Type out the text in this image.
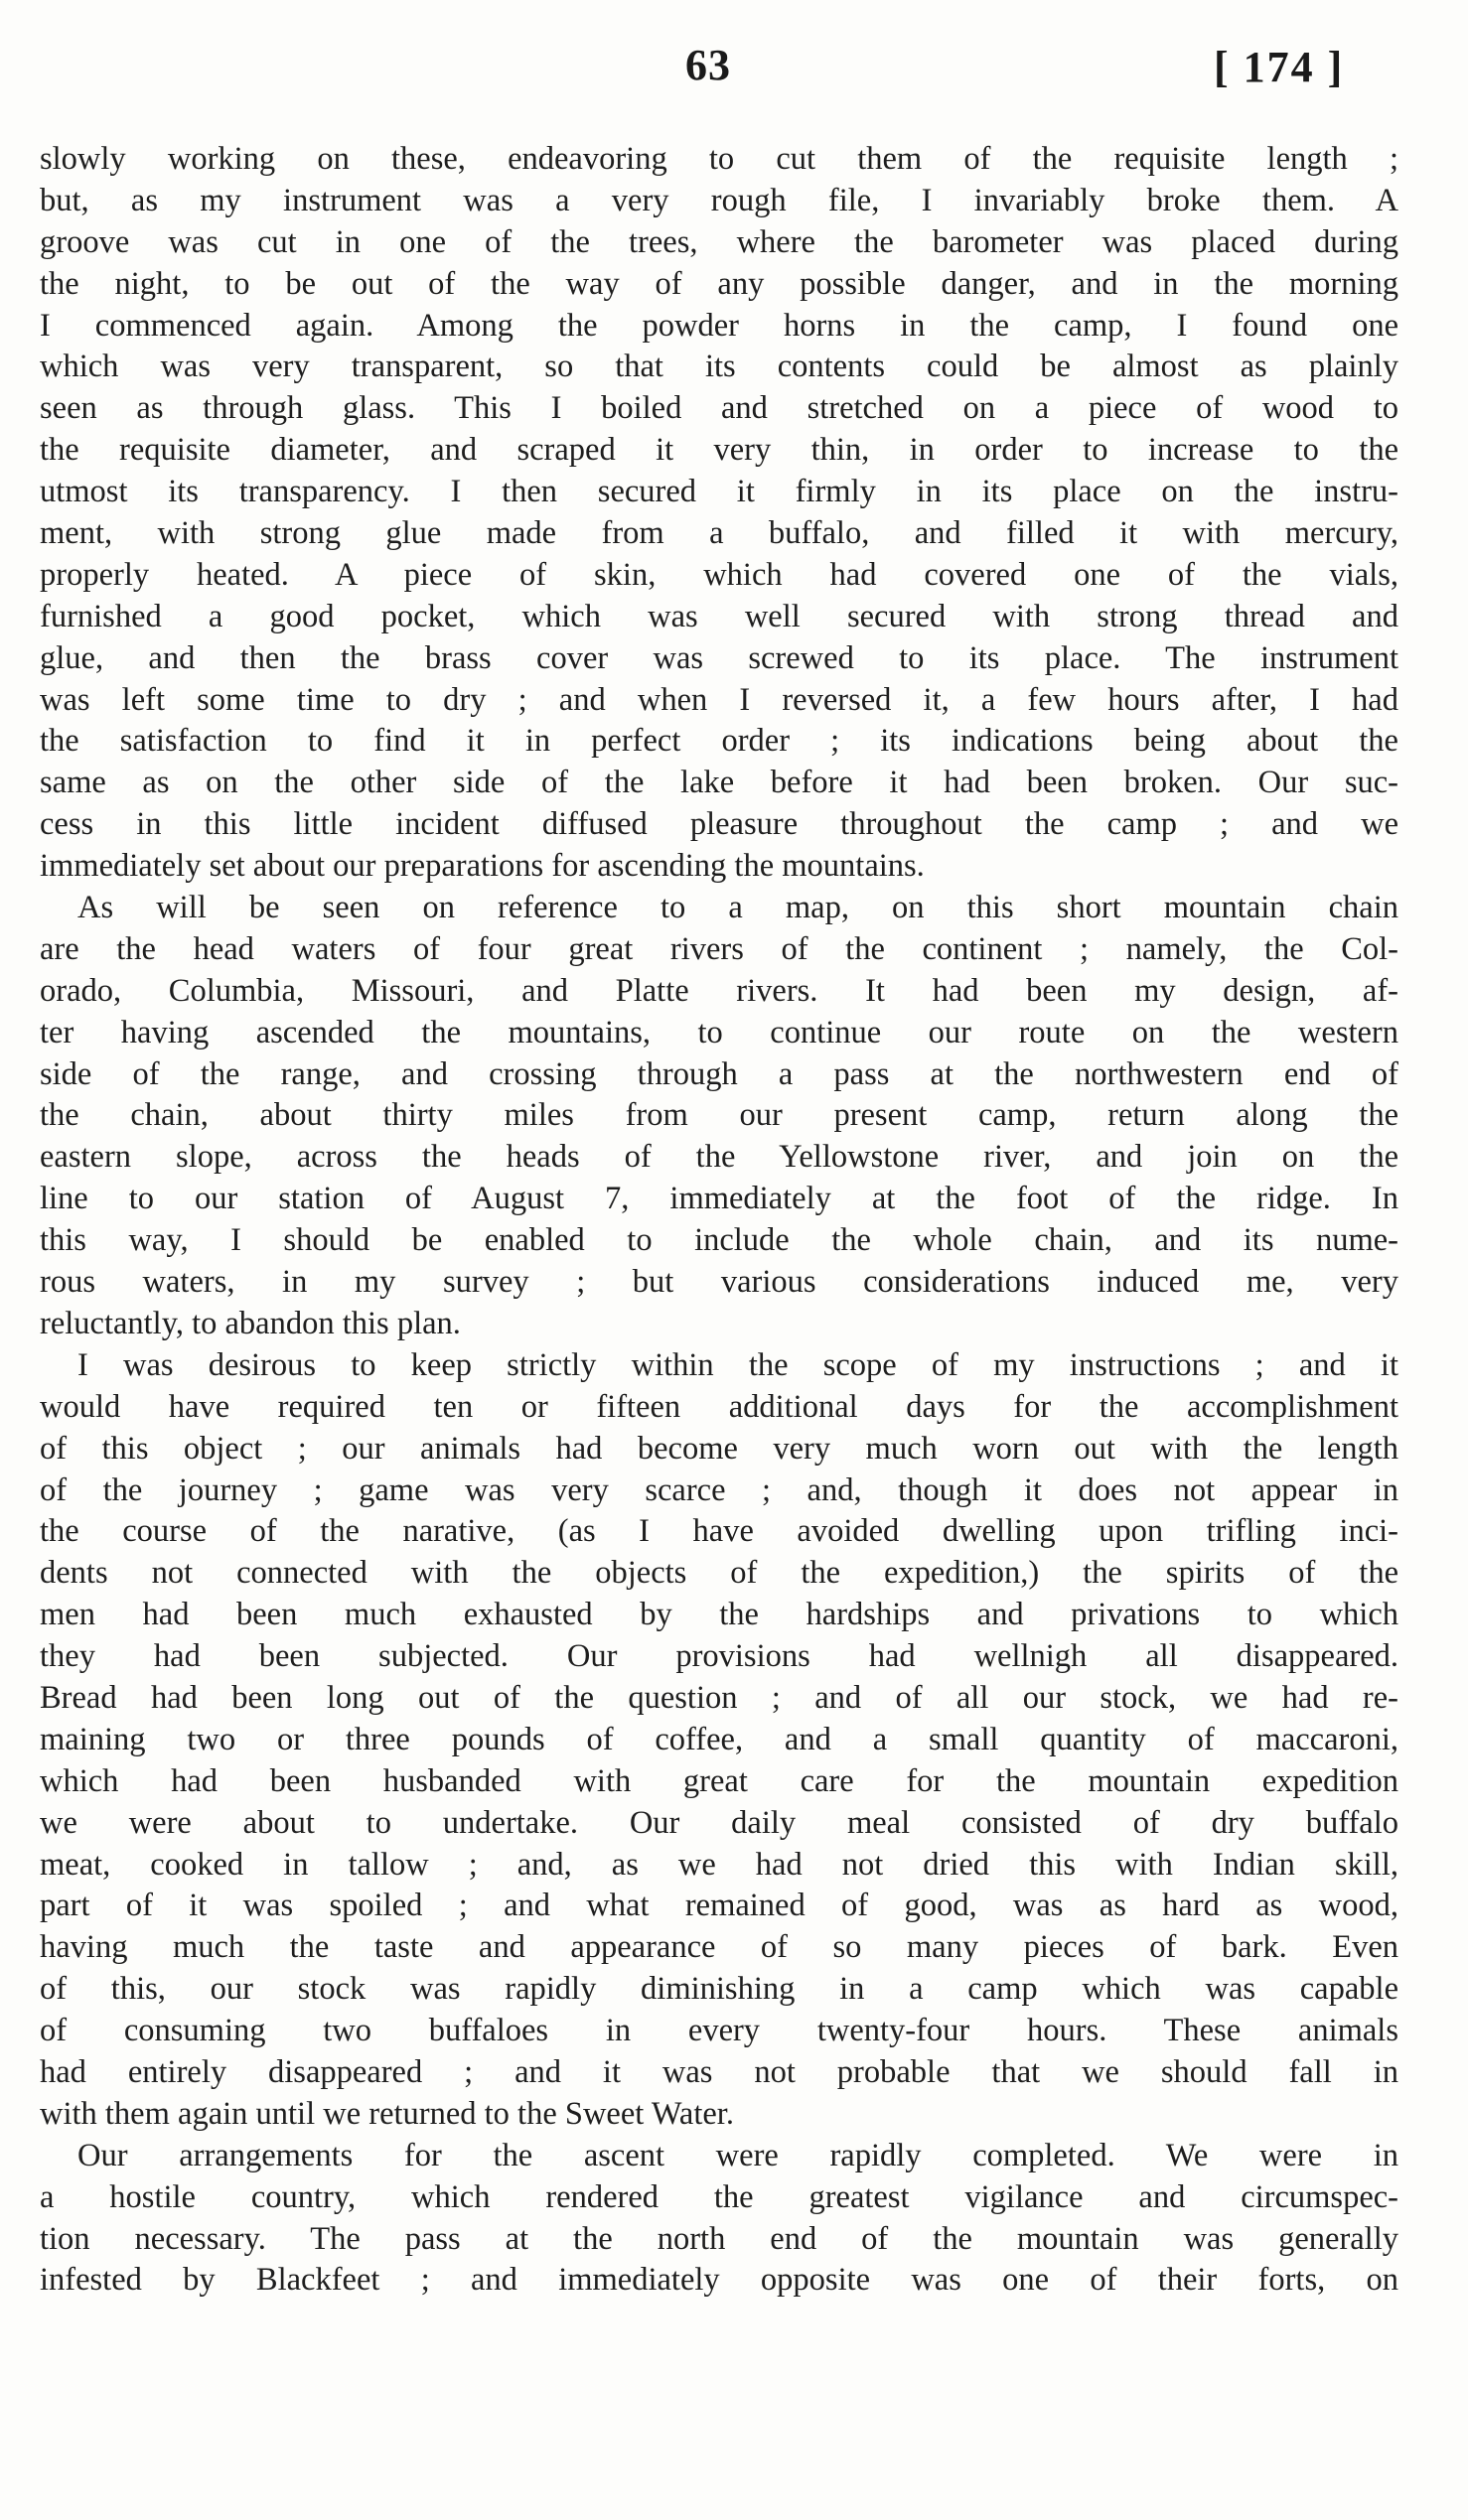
63	[ 174 ]
slowly working on these, endeavoring to cut them of the requisite length ;
but, as my instrument was a very rough file, I invariably broke them. A
groove was cut in one of the trees, where the barometer was placed during
the night, to be out of the way of any possible danger, and in the morning
I commenced again. Among the powder horns in the camp, I found one
which was very transparent, so that its contents could be almost as plainly
seen as through glass. This I boiled and stretched on a piece of wood to
the requisite diameter, and scraped it very thin, in order to increase to the
utmost its transparency. I then secured it firmly in its place on the instru-
ment, with strong glue made from a buffalo, and filled it with mercury,
properly heated. A piece of skin, which had covered one of the vials,
furnished a good pocket, which was well secured with strong thread and
glue, and then the brass cover was screwed to its place. The instrument
was left some time to dry ; and when I reversed it, a few hours after, I had
the satisfaction to find it in perfect order ; its indications being about the
same as on the other side of the lake before it had been broken. Our suc-
cess in this little incident diffused pleasure throughout the camp ; and we
immediately set about our preparations for ascending the mountains.
As will be seen on reference to a map, on this short mountain chain
are the head waters of four great rivers of the continent ; namely, the Col-
orado, Columbia, Missouri, and Platte rivers. It had been my design, af-
ter having ascended the mountains, to continue our route on the western
side of the range, and crossing through a pass at the northwestern end of
the chain, about thirty miles from our present camp, return along the
eastern slope, across the heads of the Yellowstone river, and join on the
line to our station of August 7, immediately at the foot of the ridge. In
this way, I should be enabled to include the whole chain, and its nume-
rous waters, in my survey ; but various considerations induced me, very
reluctantly, to abandon this plan.
I was desirous to keep strictly within the scope of my instructions ; and it
would have required ten or fifteen additional days for the accomplishment
of this object ; our animals had become very much worn out with the length
of the journey ; game was very scarce ; and, though it does not appear in
the course of the narative, (as I have avoided dwelling upon trifling inci-
dents not connected with the objects of the expedition,) the spirits of the
men had been much exhausted by the hardships and privations to which
they had been subjected. Our provisions had wellnigh all disappeared.
Bread had been long out of the question ; and of all our stock, we had re-
maining two or three pounds of coffee, and a small quantity of maccaroni,
which had been husbanded with great care for the mountain expedition
we were about to undertake. Our daily meal consisted of dry buffalo
meat, cooked in tallow ; and, as we had not dried this with Indian skill,
part of it was spoiled ; and what remained of good, was as hard as wood,
having much the taste and appearance of so many pieces of bark. Even
of this, our stock was rapidly diminishing in a camp which was capable
of consuming two buffaloes in every twenty-four hours. These animals
had entirely disappeared ; and it was not probable that we should fall in
with them again until we returned to the Sweet Water.
Our arrangements for the ascent were rapidly completed. We were in
a hostile country, which rendered the greatest vigilance and circumspec-
tion necessary. The pass at the north end of the mountain was generally
infested by Blackfeet ; and immediately opposite was one of their forts, on
